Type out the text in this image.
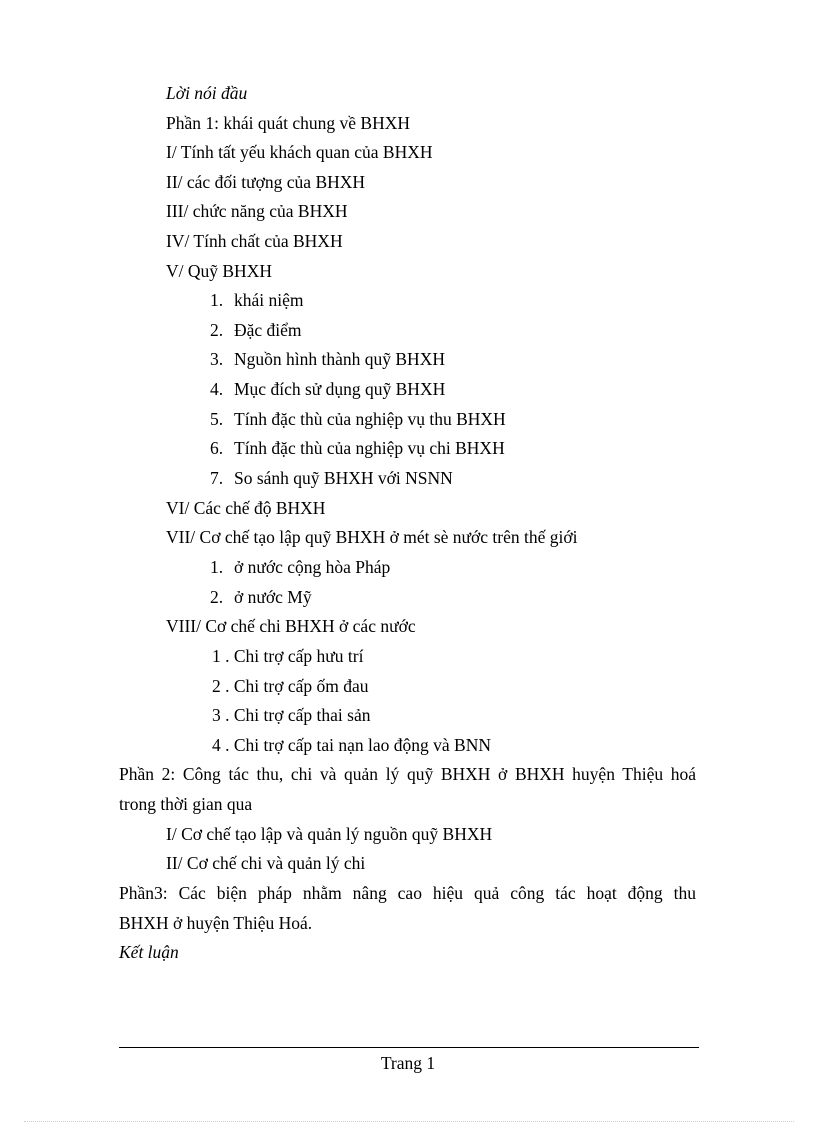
Lời nói đầu
Phần 1: khái quát chung về BHXH
I/ Tính tất yếu khách quan của BHXH
II/ các đối tượng của BHXH
III/ chức năng của BHXH
IV/ Tính chất của BHXH
V/ Quỹ BHXH
1. khái niệm
2. Đặc điểm
3. Nguồn hình thành quỹ BHXH
4. Mục đích sử dụng quỹ BHXH
5. Tính đặc thù của nghiệp vụ thu BHXH
6. Tính đặc thù của nghiệp vụ chi BHXH
7. So sánh quỹ BHXH với NSNN
VI/ Các chế độ BHXH
VII/ Cơ chế tạo lập quỹ BHXH ở mét sè nước trên thế giới
1. ở nước cộng hòa Pháp
2. ở nước Mỹ
VIII/ Cơ chế chi BHXH ở các nước
1 . Chi trợ cấp hưu trí
2 . Chi trợ cấp ốm đau
3 . Chi trợ cấp thai sản
4 . Chi trợ cấp tai nạn lao động và BNN
Phần 2: Công tác thu, chi và quản lý quỹ BHXH ở BHXH huyện Thiệu hoá
trong thời gian qua
I/ Cơ chế tạo lập và quản lý nguồn quỹ BHXH
II/ Cơ chế chi và quản lý chi
Phần3: Các biện pháp nhằm nâng cao hiệu quả công tác hoạt động thu
BHXH ở huyện Thiệu Hoá.
Kết luận
Trang 1
